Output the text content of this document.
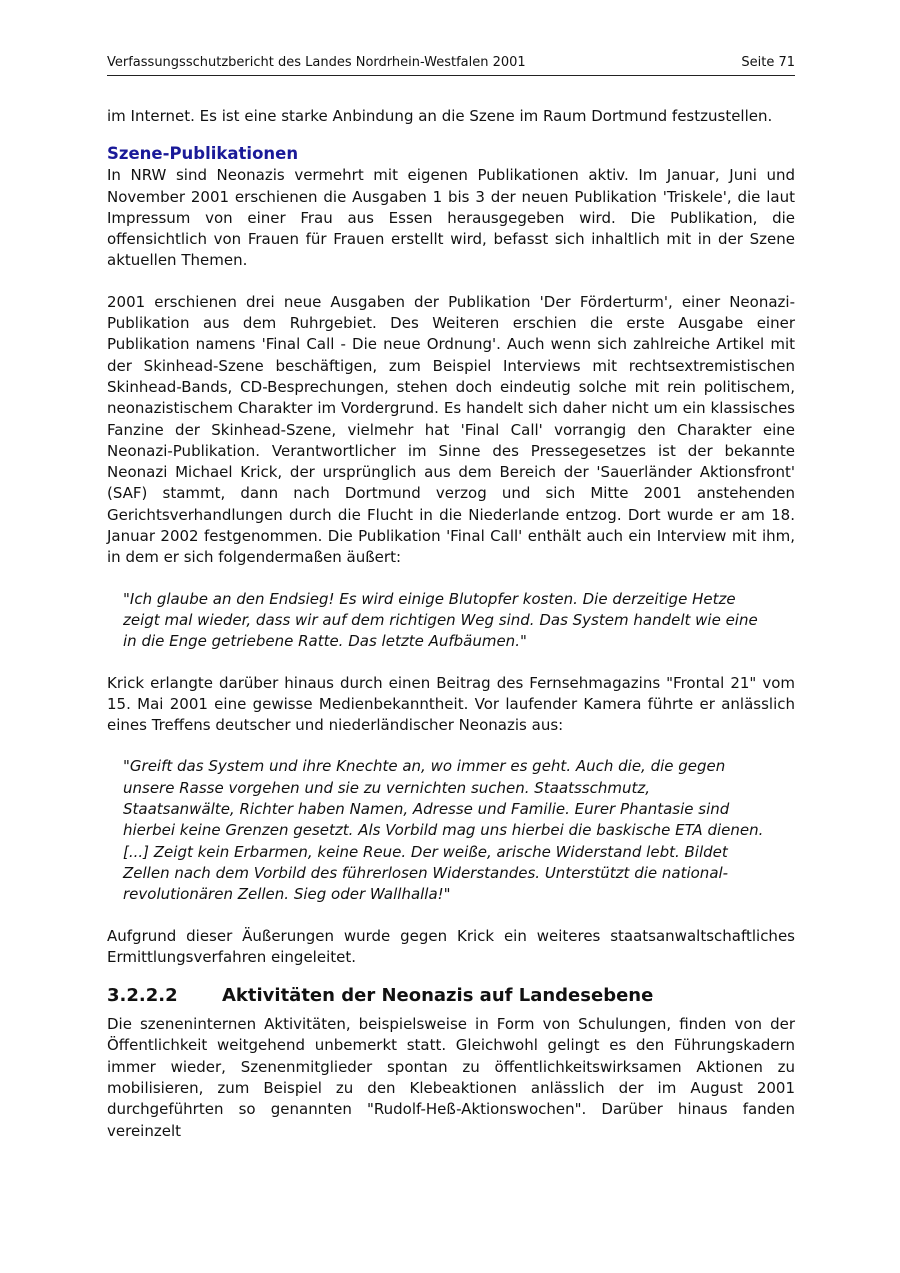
Verfassungsschutzbericht des Landes Nordrhein-Westfalen 2001	Seite 71

im Internet. Es ist eine starke Anbindung an die Szene im Raum Dortmund festzustellen.

Szene-Publikationen

In NRW sind Neonazis vermehrt mit eigenen Publikationen aktiv. Im Januar, Juni und November 2001 erschienen die Ausgaben 1 bis 3 der neuen Publikation 'Triskele', die laut Impressum von einer Frau aus Essen herausgegeben wird. Die Publikation, die offensichtlich von Frauen für Frauen erstellt wird, befasst sich inhaltlich mit in der Szene aktuellen Themen.

2001 erschienen drei neue Ausgaben der Publikation 'Der Förderturm', einer Neonazi-Publikation aus dem Ruhrgebiet. Des Weiteren erschien die erste Ausgabe einer Publikation namens 'Final Call - Die neue Ordnung'. Auch wenn sich zahlreiche Artikel mit der Skinhead-Szene beschäftigen, zum Beispiel Interviews mit rechtsextremistischen Skinhead-Bands, CD-Besprechungen, stehen doch eindeutig solche mit rein politischem, neonazistischem Charakter im Vordergrund. Es handelt sich daher nicht um ein klassisches Fanzine der Skinhead-Szene, vielmehr hat 'Final Call' vorrangig den Charakter eine Neonazi-Publikation. Verantwortlicher im Sinne des Pressegesetzes ist der bekannte Neonazi Michael Krick, der ursprünglich aus dem Bereich der 'Sauerländer Aktionsfront' (SAF) stammt, dann nach Dortmund verzog und sich Mitte 2001 anstehenden Gerichtsverhandlungen durch die Flucht in die Niederlande entzog. Dort wurde er am 18. Januar 2002 festgenommen. Die Publikation 'Final Call' enthält auch ein Interview mit ihm, in dem er sich folgendermaßen äußert:

"Ich glaube an den Endsieg! Es wird einige Blutopfer kosten. Die derzeitige Hetze zeigt mal wieder, dass wir auf dem richtigen Weg sind. Das System handelt wie eine in die Enge getriebene Ratte. Das letzte Aufbäumen."

Krick erlangte darüber hinaus durch einen Beitrag des Fernsehmagazins "Frontal 21" vom 15. Mai 2001 eine gewisse Medienbekanntheit. Vor laufender Kamera führte er anlässlich eines Treffens deutscher und niederländischer Neonazis aus:

"Greift das System und ihre Knechte an, wo immer es geht. Auch die, die gegen unsere Rasse vorgehen und sie zu vernichten suchen. Staatsschmutz, Staatsanwälte, Richter haben Namen, Adresse und Familie. Eurer Phantasie sind hierbei keine Grenzen gesetzt. Als Vorbild mag uns hierbei die baskische ETA dienen. [...] Zeigt kein Erbarmen, keine Reue. Der weiße, arische Widerstand lebt. Bildet Zellen nach dem Vorbild des führerlosen Widerstandes. Unterstützt die national-revolutionären Zellen. Sieg oder Wallhalla!"

Aufgrund dieser Äußerungen wurde gegen Krick ein weiteres staatsanwaltschaftliches Ermittlungsverfahren eingeleitet.

3.2.2.2 Aktivitäten der Neonazis auf Landesebene

Die szeneninternen Aktivitäten, beispielsweise in Form von Schulungen, finden von der Öffentlichkeit weitgehend unbemerkt statt. Gleichwohl gelingt es den Führungskadern immer wieder, Szenenmitglieder spontan zu öffentlichkeitswirksamen Aktionen zu mobilisieren, zum Beispiel zu den Klebeaktionen anlässlich der im August 2001 durchgeführten so genannten "Rudolf-Heß-Aktionswochen". Darüber hinaus fanden vereinzelt
